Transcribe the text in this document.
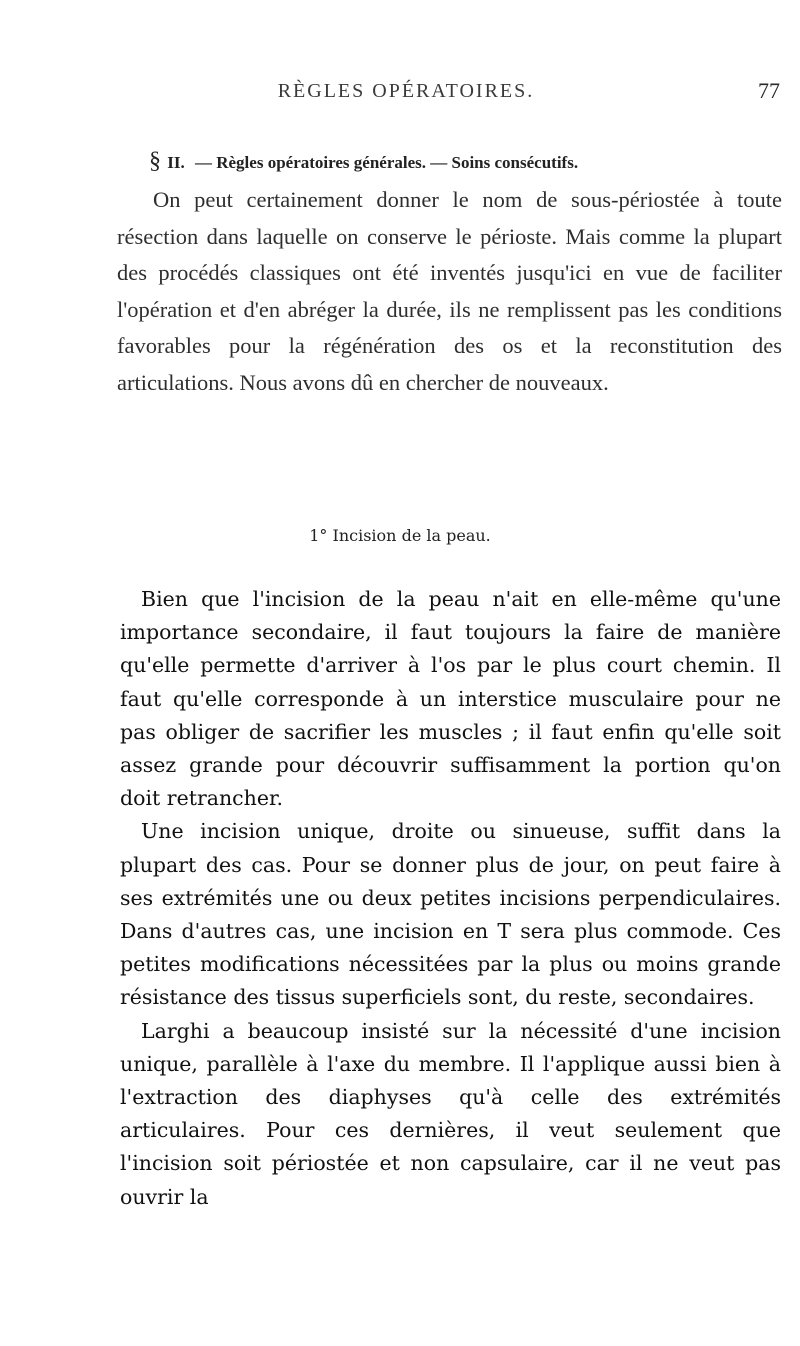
RÈGLES OPÉRATOIRES.	77
§ II. — Règles opératoires générales. — Soins consécutifs.

On peut certainement donner le nom de sous-périostée à toute résection dans laquelle on conserve le périoste. Mais comme la plupart des procédés classiques ont été inventés jusqu'ici en vue de faciliter l'opération et d'en abréger la durée, ils ne remplissent pas les conditions favorables pour la régénération des os et la reconstitution des articulations. Nous avons dû en chercher de nouveaux.

1° Incision de la peau.

Bien que l'incision de la peau n'ait en elle-même qu'une importance secondaire, il faut toujours la faire de manière qu'elle permette d'arriver à l'os par le plus court chemin. Il faut qu'elle corresponde à un interstice musculaire pour ne pas obliger de sacrifier les muscles ; il faut enfin qu'elle soit assez grande pour découvrir suffisamment la portion qu'on doit retrancher.

Une incision unique, droite ou sinueuse, suffit dans la plupart des cas. Pour se donner plus de jour, on peut faire à ses extrémités une ou deux petites incisions perpendiculaires. Dans d'autres cas, une incision en T sera plus commode. Ces petites modifications nécessitées par la plus ou moins grande résistance des tissus superficiels sont, du reste, secondaires.

Larghi a beaucoup insisté sur la nécessité d'une incision unique, parallèle à l'axe du membre. Il l'applique aussi bien à l'extraction des diaphyses qu'à celle des extrémités articulaires. Pour ces dernières, il veut seulement que l'incision soit périostée et non capsulaire, car il ne veut pas ouvrir la
